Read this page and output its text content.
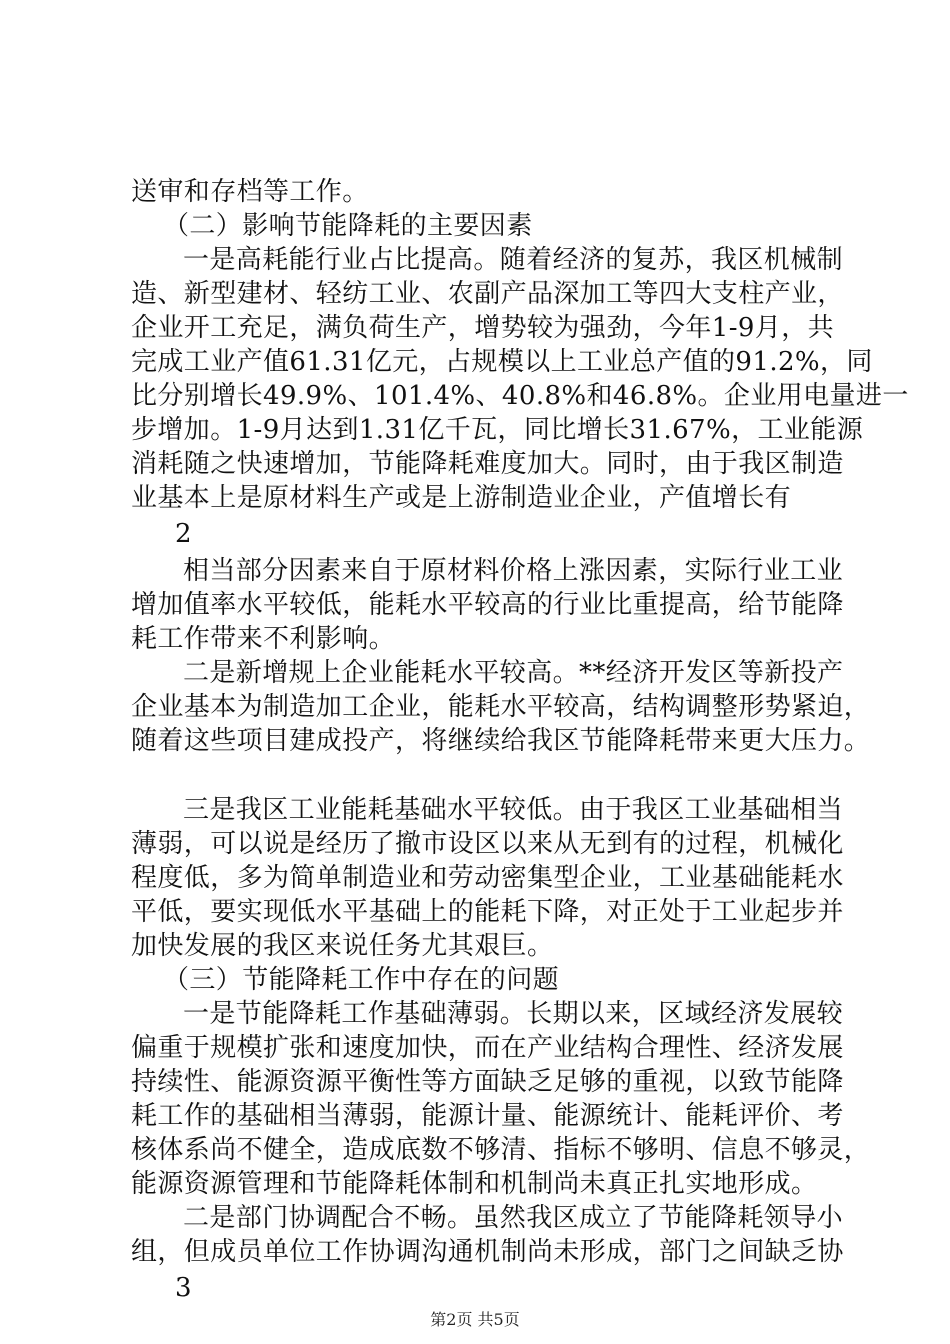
送审和存档等工作。
（二）影响节能降耗的主要因素
一是高耗能行业占比提高。随着经济的复苏，我区机械制
造、新型建材、轻纺工业、农副产品深加工等四大支柱产业，
企业开工充足，满负荷生产，增势较为强劲，今年1-9月，共
完成工业产值61.31亿元，占规模以上工业总产值的91.2%，同
比分别增长49.9%、101.4%、40.8%和46.8%。企业用电量进一
步增加。1-9月达到1.31亿千瓦，同比增长31.67%，工业能源
消耗随之快速增加，节能降耗难度加大。同时，由于我区制造
业基本上是原材料生产或是上游制造业企业，产值增长有
2
相当部分因素来自于原材料价格上涨因素，实际行业工业
增加值率水平较低，能耗水平较高的行业比重提高，给节能降
耗工作带来不利影响。
二是新增规上企业能耗水平较高。**经济开发区等新投产
企业基本为制造加工企业，能耗水平较高，结构调整形势紧迫，
随着这些项目建成投产，将继续给我区节能降耗带来更大压力。
三是我区工业能耗基础水平较低。由于我区工业基础相当
薄弱，可以说是经历了撤市设区以来从无到有的过程，机械化
程度低，多为简单制造业和劳动密集型企业，工业基础能耗水
平低，要实现低水平基础上的能耗下降，对正处于工业起步并
加快发展的我区来说任务尤其艰巨。
（三）节能降耗工作中存在的问题
一是节能降耗工作基础薄弱。长期以来，区域经济发展较
偏重于规模扩张和速度加快，而在产业结构合理性、经济发展
持续性、能源资源平衡性等方面缺乏足够的重视，以致节能降
耗工作的基础相当薄弱，能源计量、能源统计、能耗评价、考
核体系尚不健全，造成底数不够清、指标不够明、信息不够灵，
能源资源管理和节能降耗体制和机制尚未真正扎实地形成。
二是部门协调配合不畅。虽然我区成立了节能降耗领导小
组，但成员单位工作协调沟通机制尚未形成，部门之间缺乏协
3
第2页 共5页
